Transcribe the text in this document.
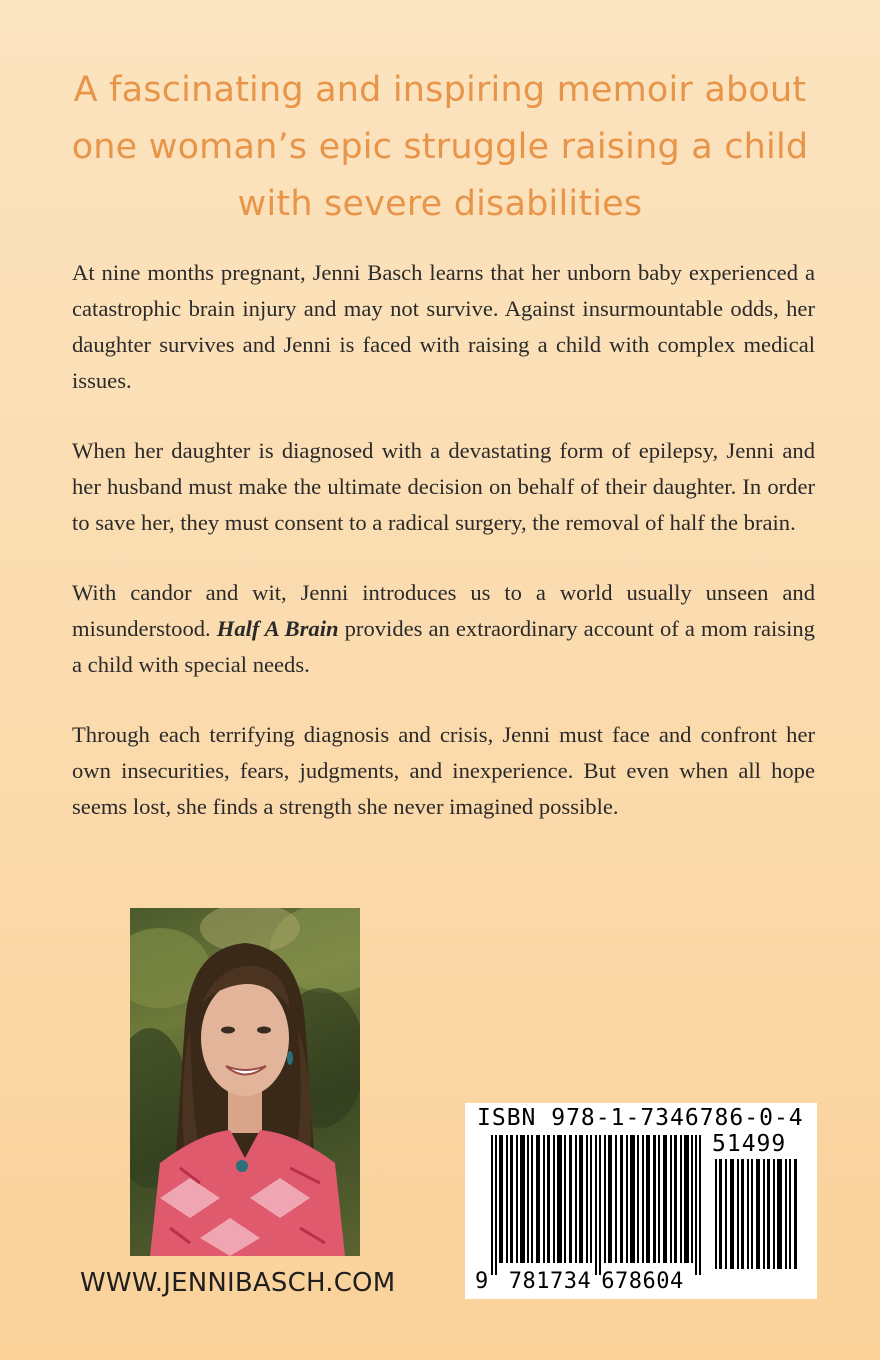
A fascinating and inspiring memoir about
one woman’s epic struggle raising a child
with severe disabilities

At nine months pregnant, Jenni Basch learns that her unborn baby experienced a catastrophic brain injury and may not survive. Against insurmountable odds, her daughter survives and Jenni is faced with raising a child with complex medical issues.

When her daughter is diagnosed with a devastating form of epilepsy, Jenni and her husband must make the ultimate decision on behalf of their daughter. In order to save her, they must consent to a radical surgery, the removal of half the brain.

With candor and wit, Jenni introduces us to a world usually unseen and misunderstood. Half A Brain provides an extraordinary account of a mom raising a child with special needs.

Through each terrifying diagnosis and crisis, Jenni must face and confront her own insecurities, fears, judgments, and inexperience. But even when all hope seems lost, she finds a strength she never imagined possible.

WWW.JENNIBASCH.COM
ISBN 978-1-7346786-0-4
51499
9 781734 678604
